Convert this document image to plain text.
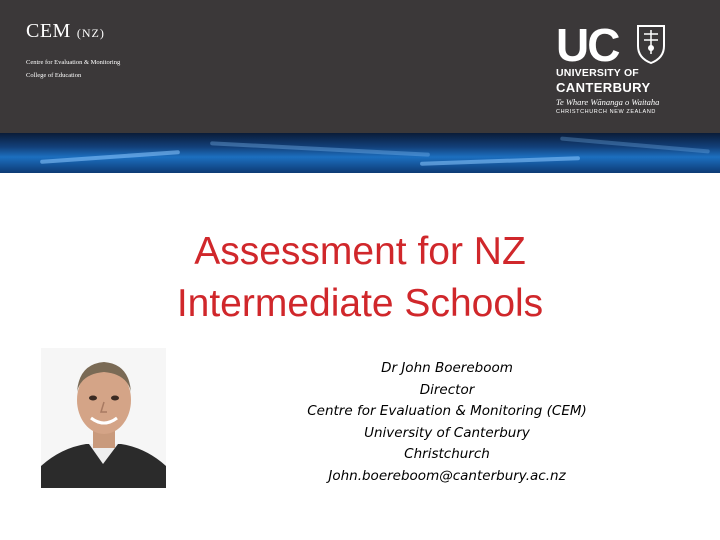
CEM (NZ)
Centre for Evaluation & Monitoring
College of Education
UC
UNIVERSITY OF
CANTERBURY
Te Whare Wānanga o Waitaha
CHRISTCHURCH NEW ZEALAND
Assessment for NZ
Intermediate Schools
Dr John Boereboom
Director
Centre for Evaluation & Monitoring (CEM)
University of Canterbury
Christchurch
John.boereboom@canterbury.ac.nz
